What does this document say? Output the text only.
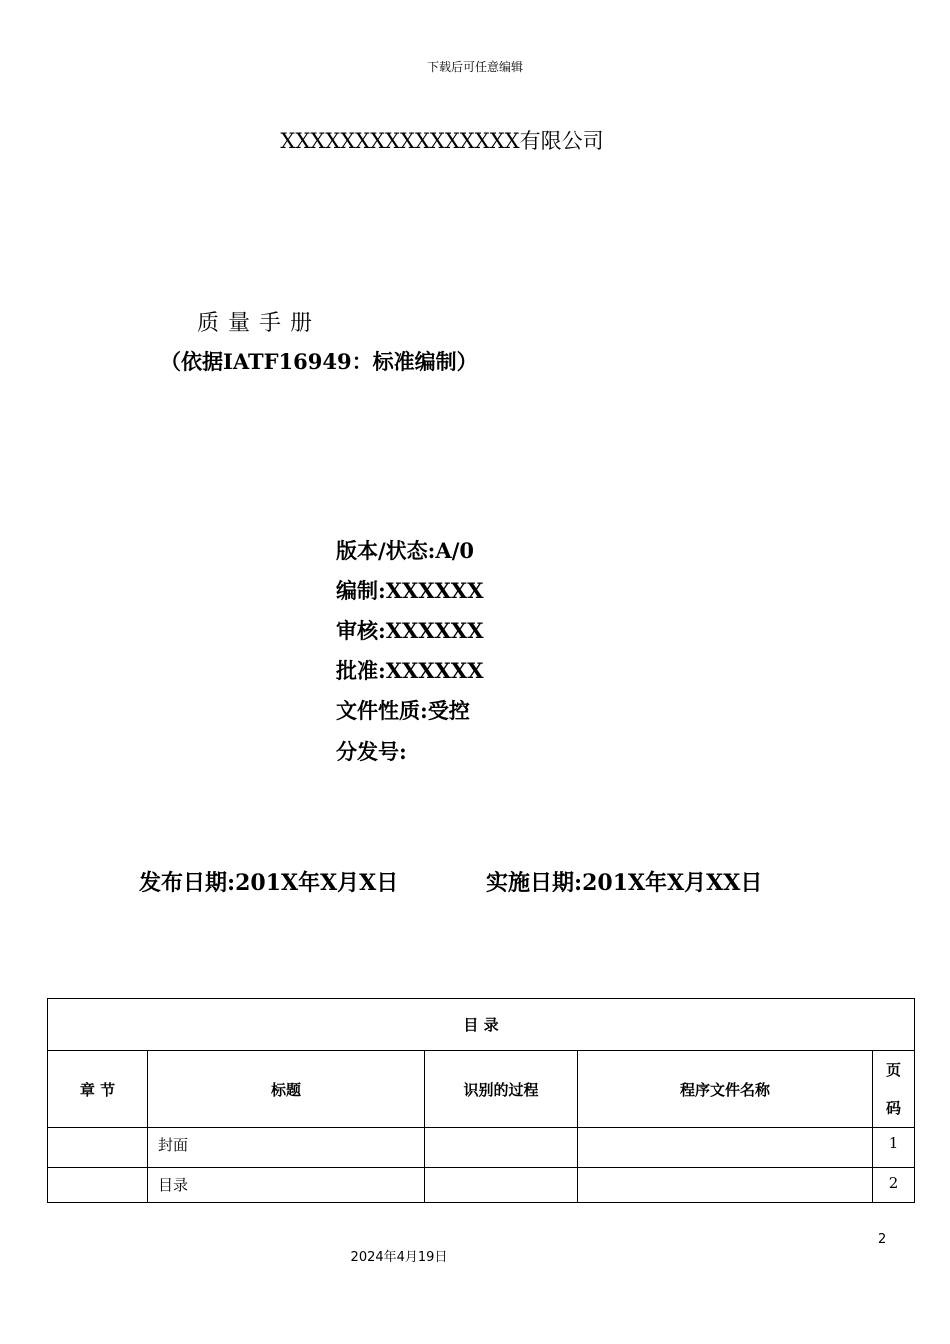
下载后可任意编辑
XXXXXXXXXXXXXXXX有限公司
质量手册
（依据IATF16949：标准编制）
版本/状态:A/0
编制:XXXXXX
审核:XXXXXX
批准:XXXXXX
文件性质:受控
分发号:
发布日期:201X年X月X日	实施日期:201X年X月XX日
目 录				
章 节	标题	识别的过程	程序文件名称	页
码

	封面			1
	目录			2
2
2024年4月19日
